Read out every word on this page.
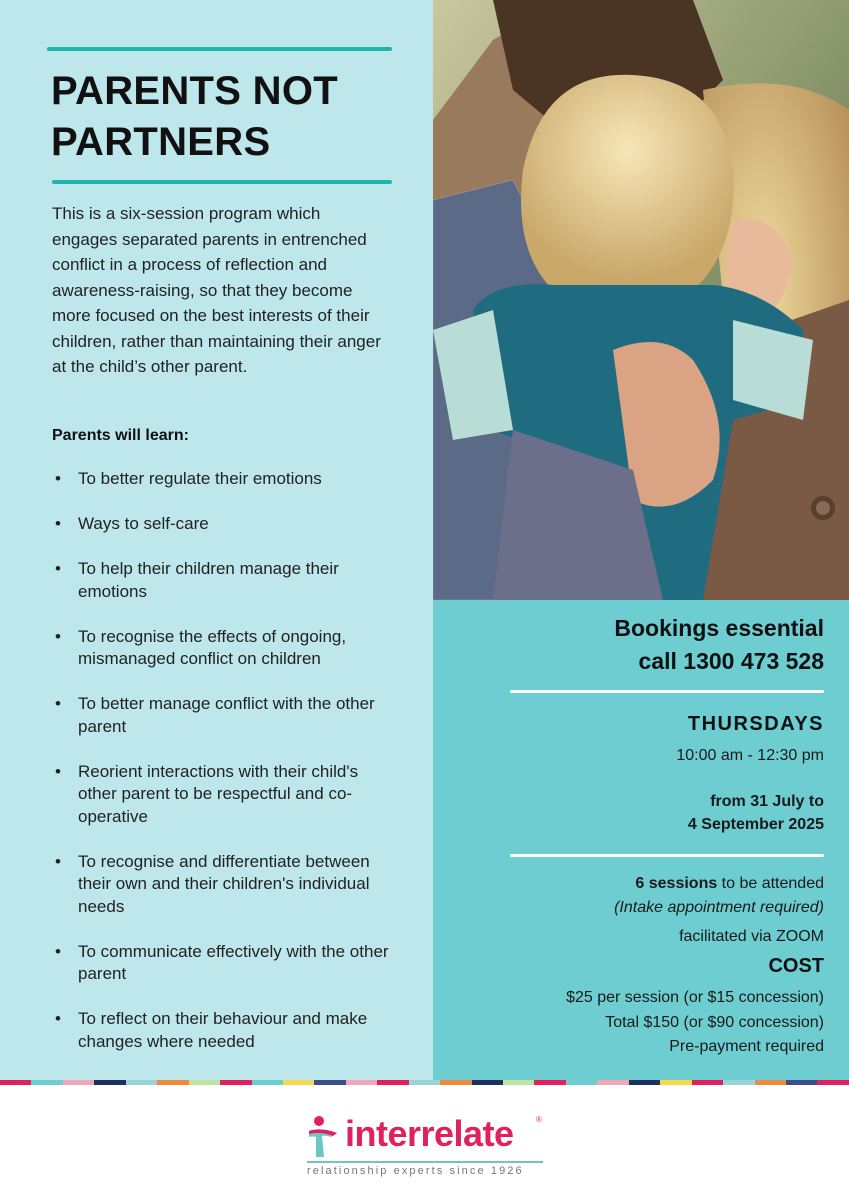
PARENTS NOT PARTNERS

This is a six-session program which engages separated parents in entrenched conflict in a process of reflection and awareness-raising, so that they become more focused on the best interests of their children, rather than maintaining their anger at the child’s other parent.

Parents will learn:
• To better regulate their emotions
• Ways to self-care
• To help their children manage their emotions
• To recognise the effects of ongoing, mismanaged conflict on children
• To better manage conflict with the other parent
• Reorient interactions with their child's other parent to be respectful and co-operative
• To recognise and differentiate between their own and their children's individual needs
• To communicate effectively with the other parent
• To reflect on their behaviour and make changes where needed
Bookings essential
call 1300 473 528
THURSDAYS
10:00 am - 12:30 pm
from 31 July to
4 September 2025
6 sessions to be attended
(Intake appointment required)
facilitated via ZOOM
COST
$25 per session (or $15 concession)
Total $150 (or $90 concession)
Pre-payment required
interrelate	®
relationship experts since 1926
